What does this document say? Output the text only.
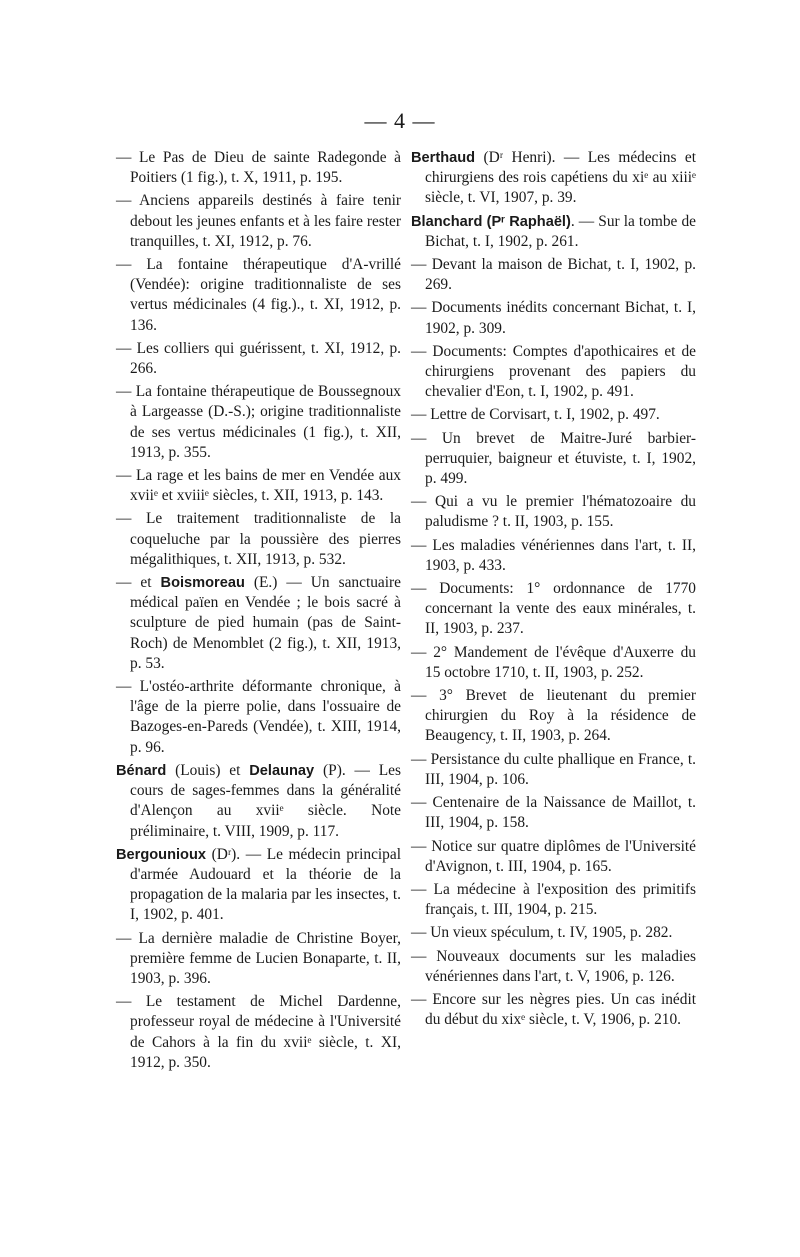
— 4 —

— Le Pas de Dieu de sainte Radegonde à Poitiers (1 fig.), t. X, 1911, p. 195.

— Anciens appareils destinés à faire tenir debout les jeunes enfants et à les faire rester tranquilles, t. XI, 1912, p. 76.

— La fontaine thérapeutique d'A-vrillé (Vendée): origine traditionnaliste de ses vertus médicinales (4 fig.)., t. XI, 1912, p. 136.

— Les colliers qui guérissent, t. XI, 1912, p. 266.

— La fontaine thérapeutique de Boussegnoux à Largeasse (D.-S.); origine traditionnaliste de ses vertus médicinales (1 fig.), t. XII, 1913, p. 355.

— La rage et les bains de mer en Vendée aux xviiᵉ et xviiiᵉ siècles, t. XII, 1913, p. 143.

— Le traitement traditionnaliste de la coqueluche par la poussière des pierres mégalithiques, t. XII, 1913, p. 532.

— et Boismoreau (E.) — Un sanctuaire médical païen en Vendée ; le bois sacré à sculpture de pied humain (pas de Saint-Roch) de Menomblet (2 fig.), t. XII, 1913, p. 53.

— L'ostéo-arthrite déformante chronique, à l'âge de la pierre polie, dans l'ossuaire de Bazoges-en-Pareds (Vendée), t. XIII, 1914, p. 96.

Bénard (Louis) et Delaunay (P). — Les cours de sages-femmes dans la généralité d'Alençon au xviiᵉ siècle. Note préliminaire, t. VIII, 1909, p. 117.

Bergounioux (Dʳ). — Le médecin principal d'armée Audouard et la théorie de la propagation de la malaria par les insectes, t. I, 1902, p. 401.

— La dernière maladie de Christine Boyer, première femme de Lucien Bonaparte, t. II, 1903, p. 396.

— Le testament de Michel Dardenne, professeur royal de médecine à l'Université de Cahors à la fin du xviiᵉ siècle, t. XI, 1912, p. 350.

Berthaud (Dʳ Henri). — Les médecins et chirurgiens des rois capétiens du xiᵉ au xiiiᵉ siècle, t. VI, 1907, p. 39.

Blanchard (Pʳ Raphaël). — Sur la tombe de Bichat, t. I, 1902, p. 261.

— Devant la maison de Bichat, t. I, 1902, p. 269.

— Documents inédits concernant Bichat, t. I, 1902, p. 309.

— Documents: Comptes d'apothicaires et de chirurgiens provenant des papiers du chevalier d'Eon, t. I, 1902, p. 491.

— Lettre de Corvisart, t. I, 1902, p. 497.

— Un brevet de Maitre-Juré barbier-perruquier, baigneur et étuviste, t. I, 1902, p. 499.

— Qui a vu le premier l'hématozoaire du paludisme ? t. II, 1903, p. 155.

— Les maladies vénériennes dans l'art, t. II, 1903, p. 433.

— Documents: 1° ordonnance de 1770 concernant la vente des eaux minérales, t. II, 1903, p. 237.

— 2° Mandement de l'évêque d'Auxerre du 15 octobre 1710, t. II, 1903, p. 252.

— 3° Brevet de lieutenant du premier chirurgien du Roy à la résidence de Beaugency, t. II, 1903, p. 264.

— Persistance du culte phallique en France, t. III, 1904, p. 106.

— Centenaire de la Naissance de Maillot, t. III, 1904, p. 158.

— Notice sur quatre diplômes de l'Université d'Avignon, t. III, 1904, p. 165.

— La médecine à l'exposition des primitifs français, t. III, 1904, p. 215.

— Un vieux spéculum, t. IV, 1905, p. 282.

— Nouveaux documents sur les maladies vénériennes dans l'art, t. V, 1906, p. 126.

— Encore sur les nègres pies. Un cas inédit du début du xixᵉ siècle, t. V, 1906, p. 210.
